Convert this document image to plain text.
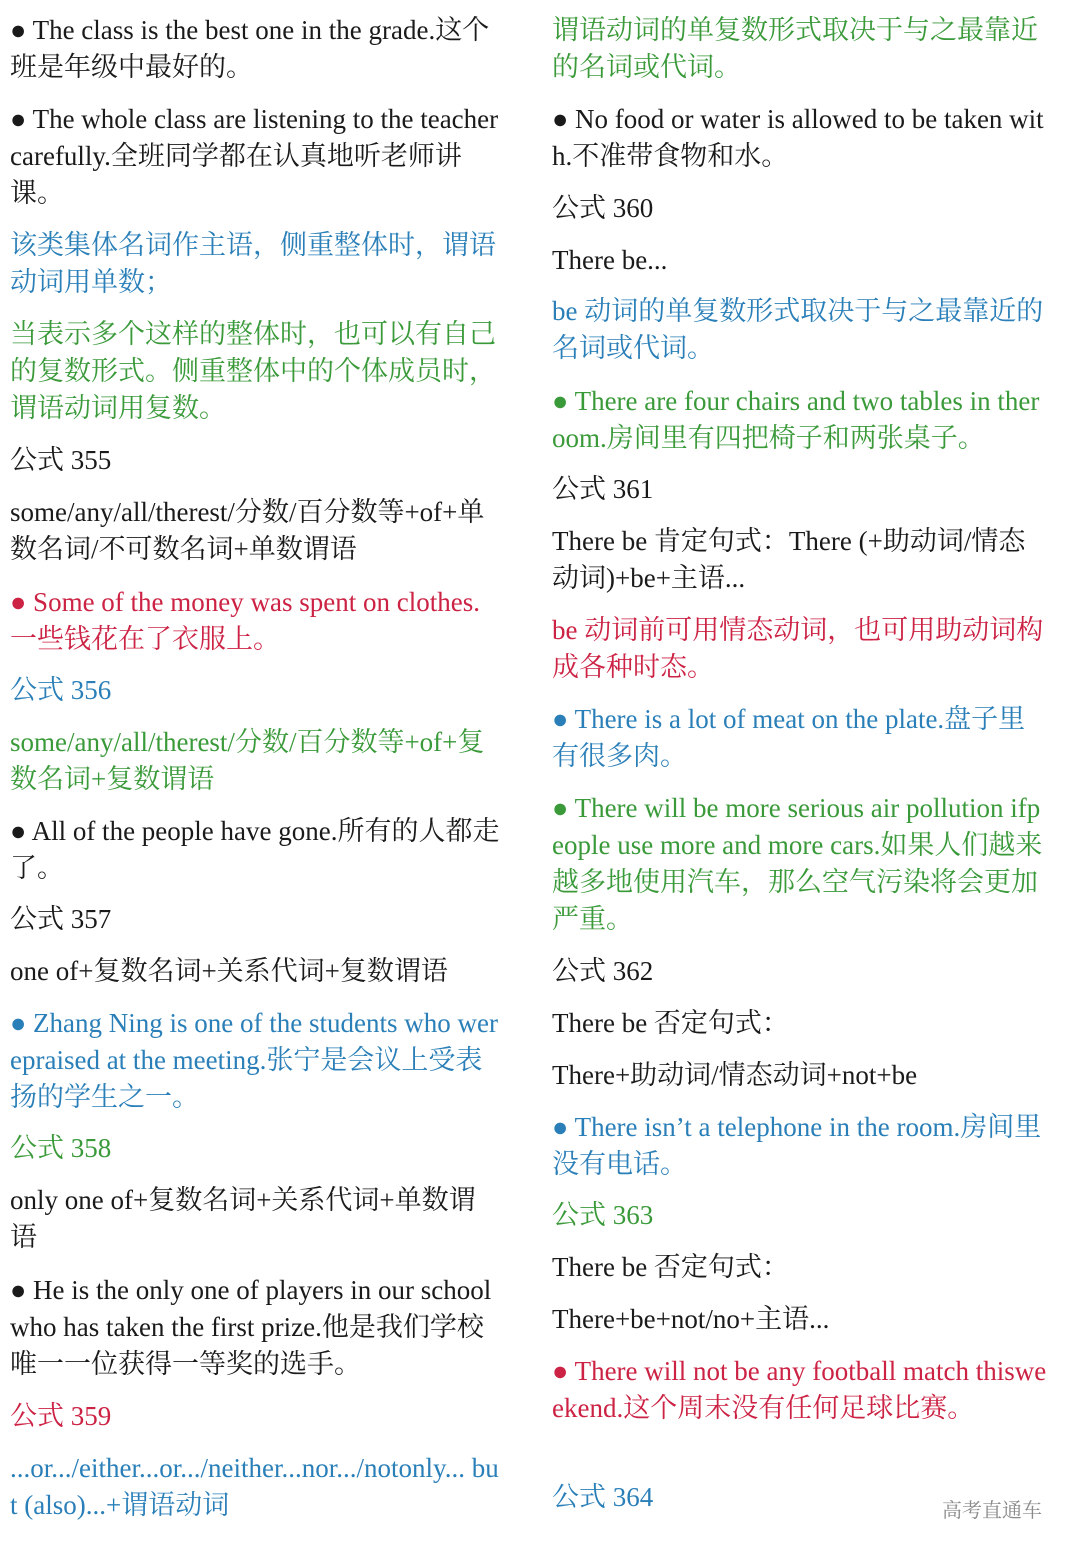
● The class is the best one in the grade.这个班是年级中最好的。

● The whole class are listening to the teachercarefully.全班同学都在认真地听老师讲课。

该类集体名词作主语，侧重整体时，谓语动词用单数；

当表示多个这样的整体时，也可以有自己的复数形式。侧重整体中的个体成员时，谓语动词用复数。

公式 355

some/any/all/therest/分数/百分数等+of+单数名词/不可数名词+单数谓语

● Some of the money was spent on clothes.一些钱花在了衣服上。

公式 356

some/any/all/therest/分数/百分数等+of+复数名词+复数谓语

● All of the people have gone.所有的人都走了。

公式 357

one of+复数名词+关系代词+复数谓语

● Zhang Ning is one of the students who werepraised at the meeting.张宁是会议上受表扬的学生之一。

公式 358

only one of+复数名词+关系代词+单数谓语

● He is the only one of players in our schoolwho has taken the first prize.他是我们学校唯一一位获得一等奖的选手。

公式 359

...or.../either...or.../neither...nor.../notonly... but (also)...+谓语动词

谓语动词的单复数形式取决于与之最靠近的名词或代词。

● No food or water is allowed to be taken with.不准带食物和水。

公式 360

There be...

be 动词的单复数形式取决于与之最靠近的名词或代词。

● There are four chairs and two tables in theroom.房间里有四把椅子和两张桌子。

公式 361

There be 肯定句式：There (+助动词/情态动词)+be+主语...

be 动词前可用情态动词，也可用助动词构成各种时态。

● There is a lot of meat on the plate.盘子里有很多肉。

● There will be more serious air pollution ifpeople use more and more cars.如果人们越来越多地使用汽车，那么空气污染将会更加严重。

公式 362

There be 否定句式：

There+助动词/情态动词+not+be

● There isn’t a telephone in the room.房间里没有电话。

公式 363

There be 否定句式：

There+be+not/no+主语...

● There will not be any football match thisweekend.这个周末没有任何足球比赛。

公式 364	高考直通车
